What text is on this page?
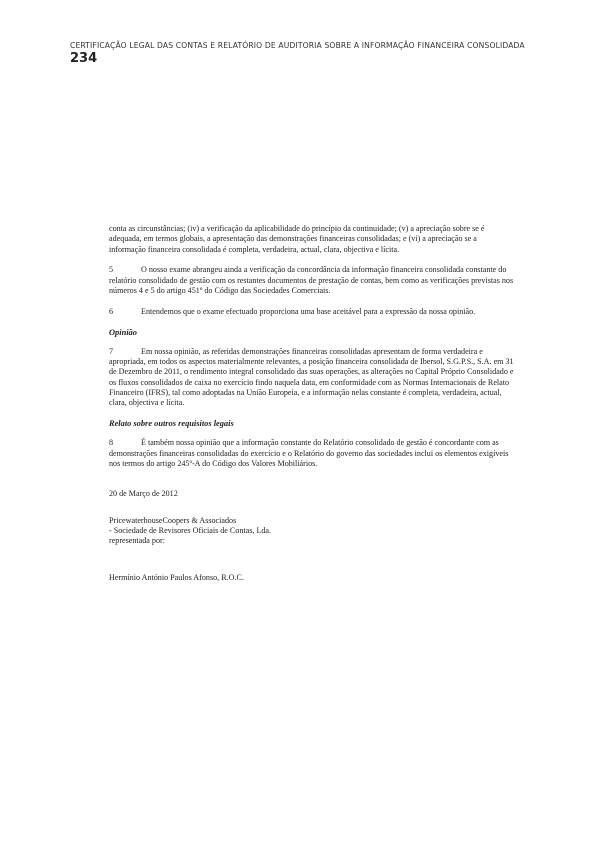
CERTIFICAÇÃO LEGAL DAS CONTAS E RELATÓRIO DE AUDITORIA SOBRE A INFORMAÇÃO FINANCEIRA CONSOLIDADA
234

conta as circunstâncias; (iv) a verificação da aplicabilidade do princípio da continuidade; (v) a apreciação sobre se é adequada, em termos globais, a apresentação das demonstrações financeiras consolidadas; e (vi) a apreciação se a informação financeira consolidada é completa, verdadeira, actual, clara, objectiva e lícita.

5	O nosso exame abrangeu ainda a verificação da concordância da informação financeira consolidada constante do relatório consolidado de gestão com os restantes documentos de prestação de contas, bem como as verificações previstas nos números 4 e 5 do artigo 451º do Código das Sociedades Comerciais.

6	Entendemos que o exame efectuado proporciona uma base aceitável para a expressão da nossa opinião.

Opinião

7	Em nossa opinião, as referidas demonstrações financeiras consolidadas apresentam de forma verdadeira e apropriada, em todos os aspectos materialmente relevantes, a posição financeira consolidada de Ibersol, S.G.P.S., S.A. em 31 de Dezembro de 2011, o rendimento integral consolidado das suas operações, as alterações no Capital Próprio Consolidado e os fluxos consolidados de caixa no exercício findo naquela data, em conformidade com as Normas Internacionais de Relato Financeiro (IFRS), tal como adoptadas na União Europeia, e a informação nelas constante é completa, verdadeira, actual, clara, objectiva e lícita.

Relato sobre outros requisitos legais

8	É também nossa opinião que a informação constante do Relatório consolidado de gestão é concordante com as demonstrações financeiras consolidadas do exercício e o Relatório do governo das sociedades inclui os elementos exigíveis nos termos do artigo 245º-A do Código dos Valores Mobiliários.

20 de Março de 2012

PricewaterhouseCoopers & Associados
- Sociedade de Revisores Oficiais de Contas, Lda.
representada por:

Hermínio António Paulos Afonso, R.O.C.
